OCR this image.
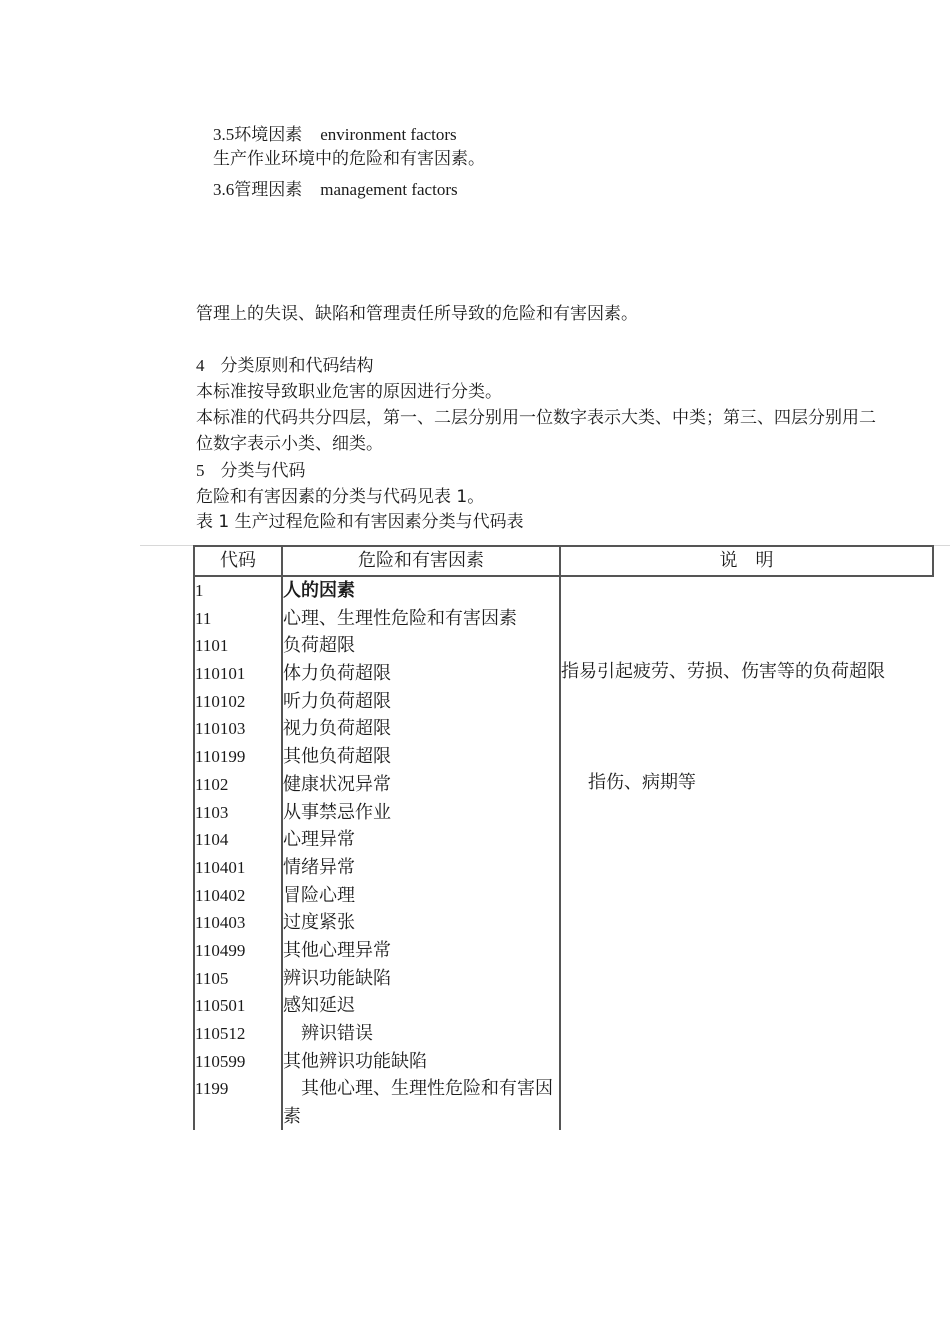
3.5环境因素 environment factors
生产作业环境中的危险和有害因素。
3.6管理因素 management factors
管理上的失误、缺陷和管理责任所导致的危险和有害因素。
4 分类原则和代码结构
本标准按导致职业危害的原因进行分类。
本标准的代码共分四层，第一、二层分别用一位数字表示大类、中类；第三、四层分别用二
位数字表示小类、细类。
5 分类与代码
危险和有害因素的分类与代码见表 1。
表 1 生产过程危险和有害因素分类与代码表
代码	危险和有害因素	说　明
1
11
1101
110101
110102
110103
110199
1102
1103
1104
110401
110402
110403
110499
1105
110501
110512
110599
1199
人的因素
心理、生理性危险和有害因素
负荷超限
体力负荷超限
听力负荷超限
视力负荷超限
其他负荷超限
健康状况异常
从事禁忌作业
心理异常
情绪异常
冒险心理
过度紧张
其他心理异常
辨识功能缺陷
感知延迟
辨识错误
其他辨识功能缺陷
其他心理、生理性危险和有害因
素
指易引起疲劳、劳损、伤害等的负荷超限
指伤、病期等
